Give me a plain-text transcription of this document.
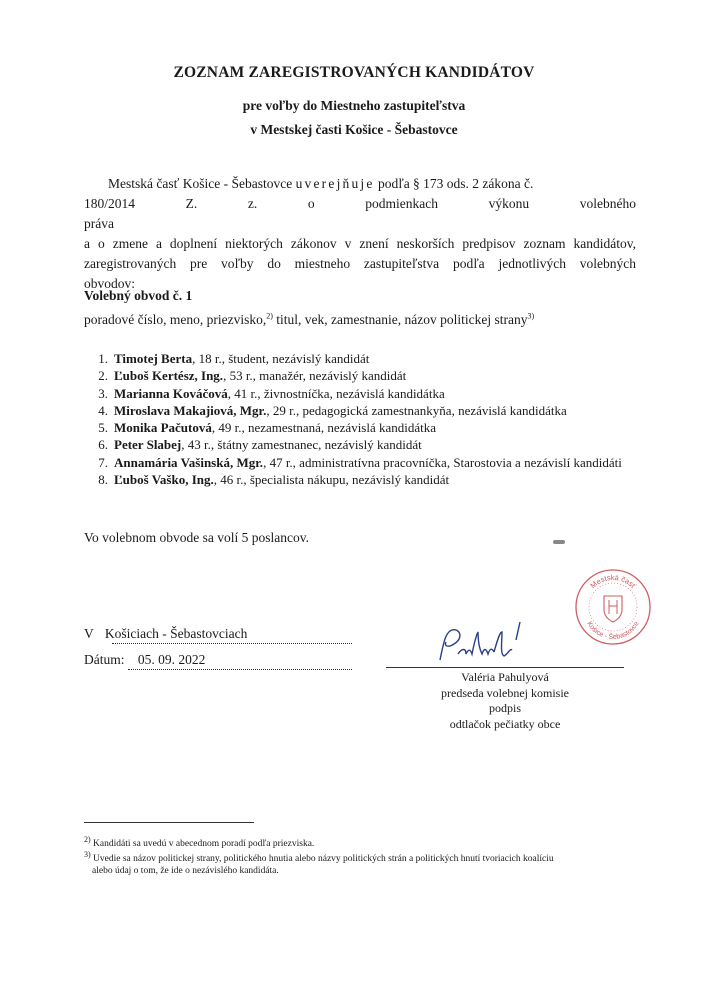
ZOZNAM ZAREGISTROVANÝCH KANDIDÁTOV
pre voľby do Miestneho zastupiteľstva
v Mestskej časti Košice - Šebastovce

Mestská časť Košice - Šebastovce uverejňuje podľa § 173 ods. 2 zákona č.

180/2014 Z. z. o podmienkach výkonu volebného práva

a o zmene a doplnení niektorých zákonov v znení neskorších predpisov zoznam kandidátov,

zaregistrovaných pre voľby do miestneho zastupiteľstva podľa jednotlivých volebných

obvodov:

Volebný obvod č. 1
poradové číslo, meno, priezvisko,$^{2)}$ titul, vek, zamestnanie, názov politickej strany$^{3)}$
1. Timotej Berta, 18 r., študent, nezávislý kandidát
2. Ľuboš Kertész, Ing., 53 r., manažér, nezávislý kandidát
3. Marianna Kováčová, 41 r., živnostníčka, nezávislá kandidátka
4. Miroslava Makajiová, Mgr., 29 r., pedagogická zamestnankyňa, nezávislá kandidátka
5. Monika Pačutová, 49 r., nezamestnaná, nezávislá kandidátka
6. Peter Slabej, 43 r., štátny zamestnanec, nezávislý kandidát
7. Annamária Vašinská, Mgr., 47 r., administratívna pracovníčka, Starostovia a nezávislí kandidáti
8. Ľuboš Vaško, Ing., 46 r., špecialista nákupu, nezávislý kandidát
Vo volebnom obvode sa volí 5 poslancov.
V Košiciach - Šebastovciach
Dátum: 05. 09. 2022
Mestská časť
Košice - Šebastovce
Valéria Pahulyová
predseda volebnej komisie
podpis
odtlačok pečiatky obce

$^{2)}$ Kandidáti sa uvedú v abecednom poradí podľa priezviska.

$^{3)}$ Uvedie sa názov politickej strany, politického hnutia alebo názvy politických strán a politických hnutí tvoriacich koalíciu

alebo údaj o tom, že ide o nezávislého kandidáta.
